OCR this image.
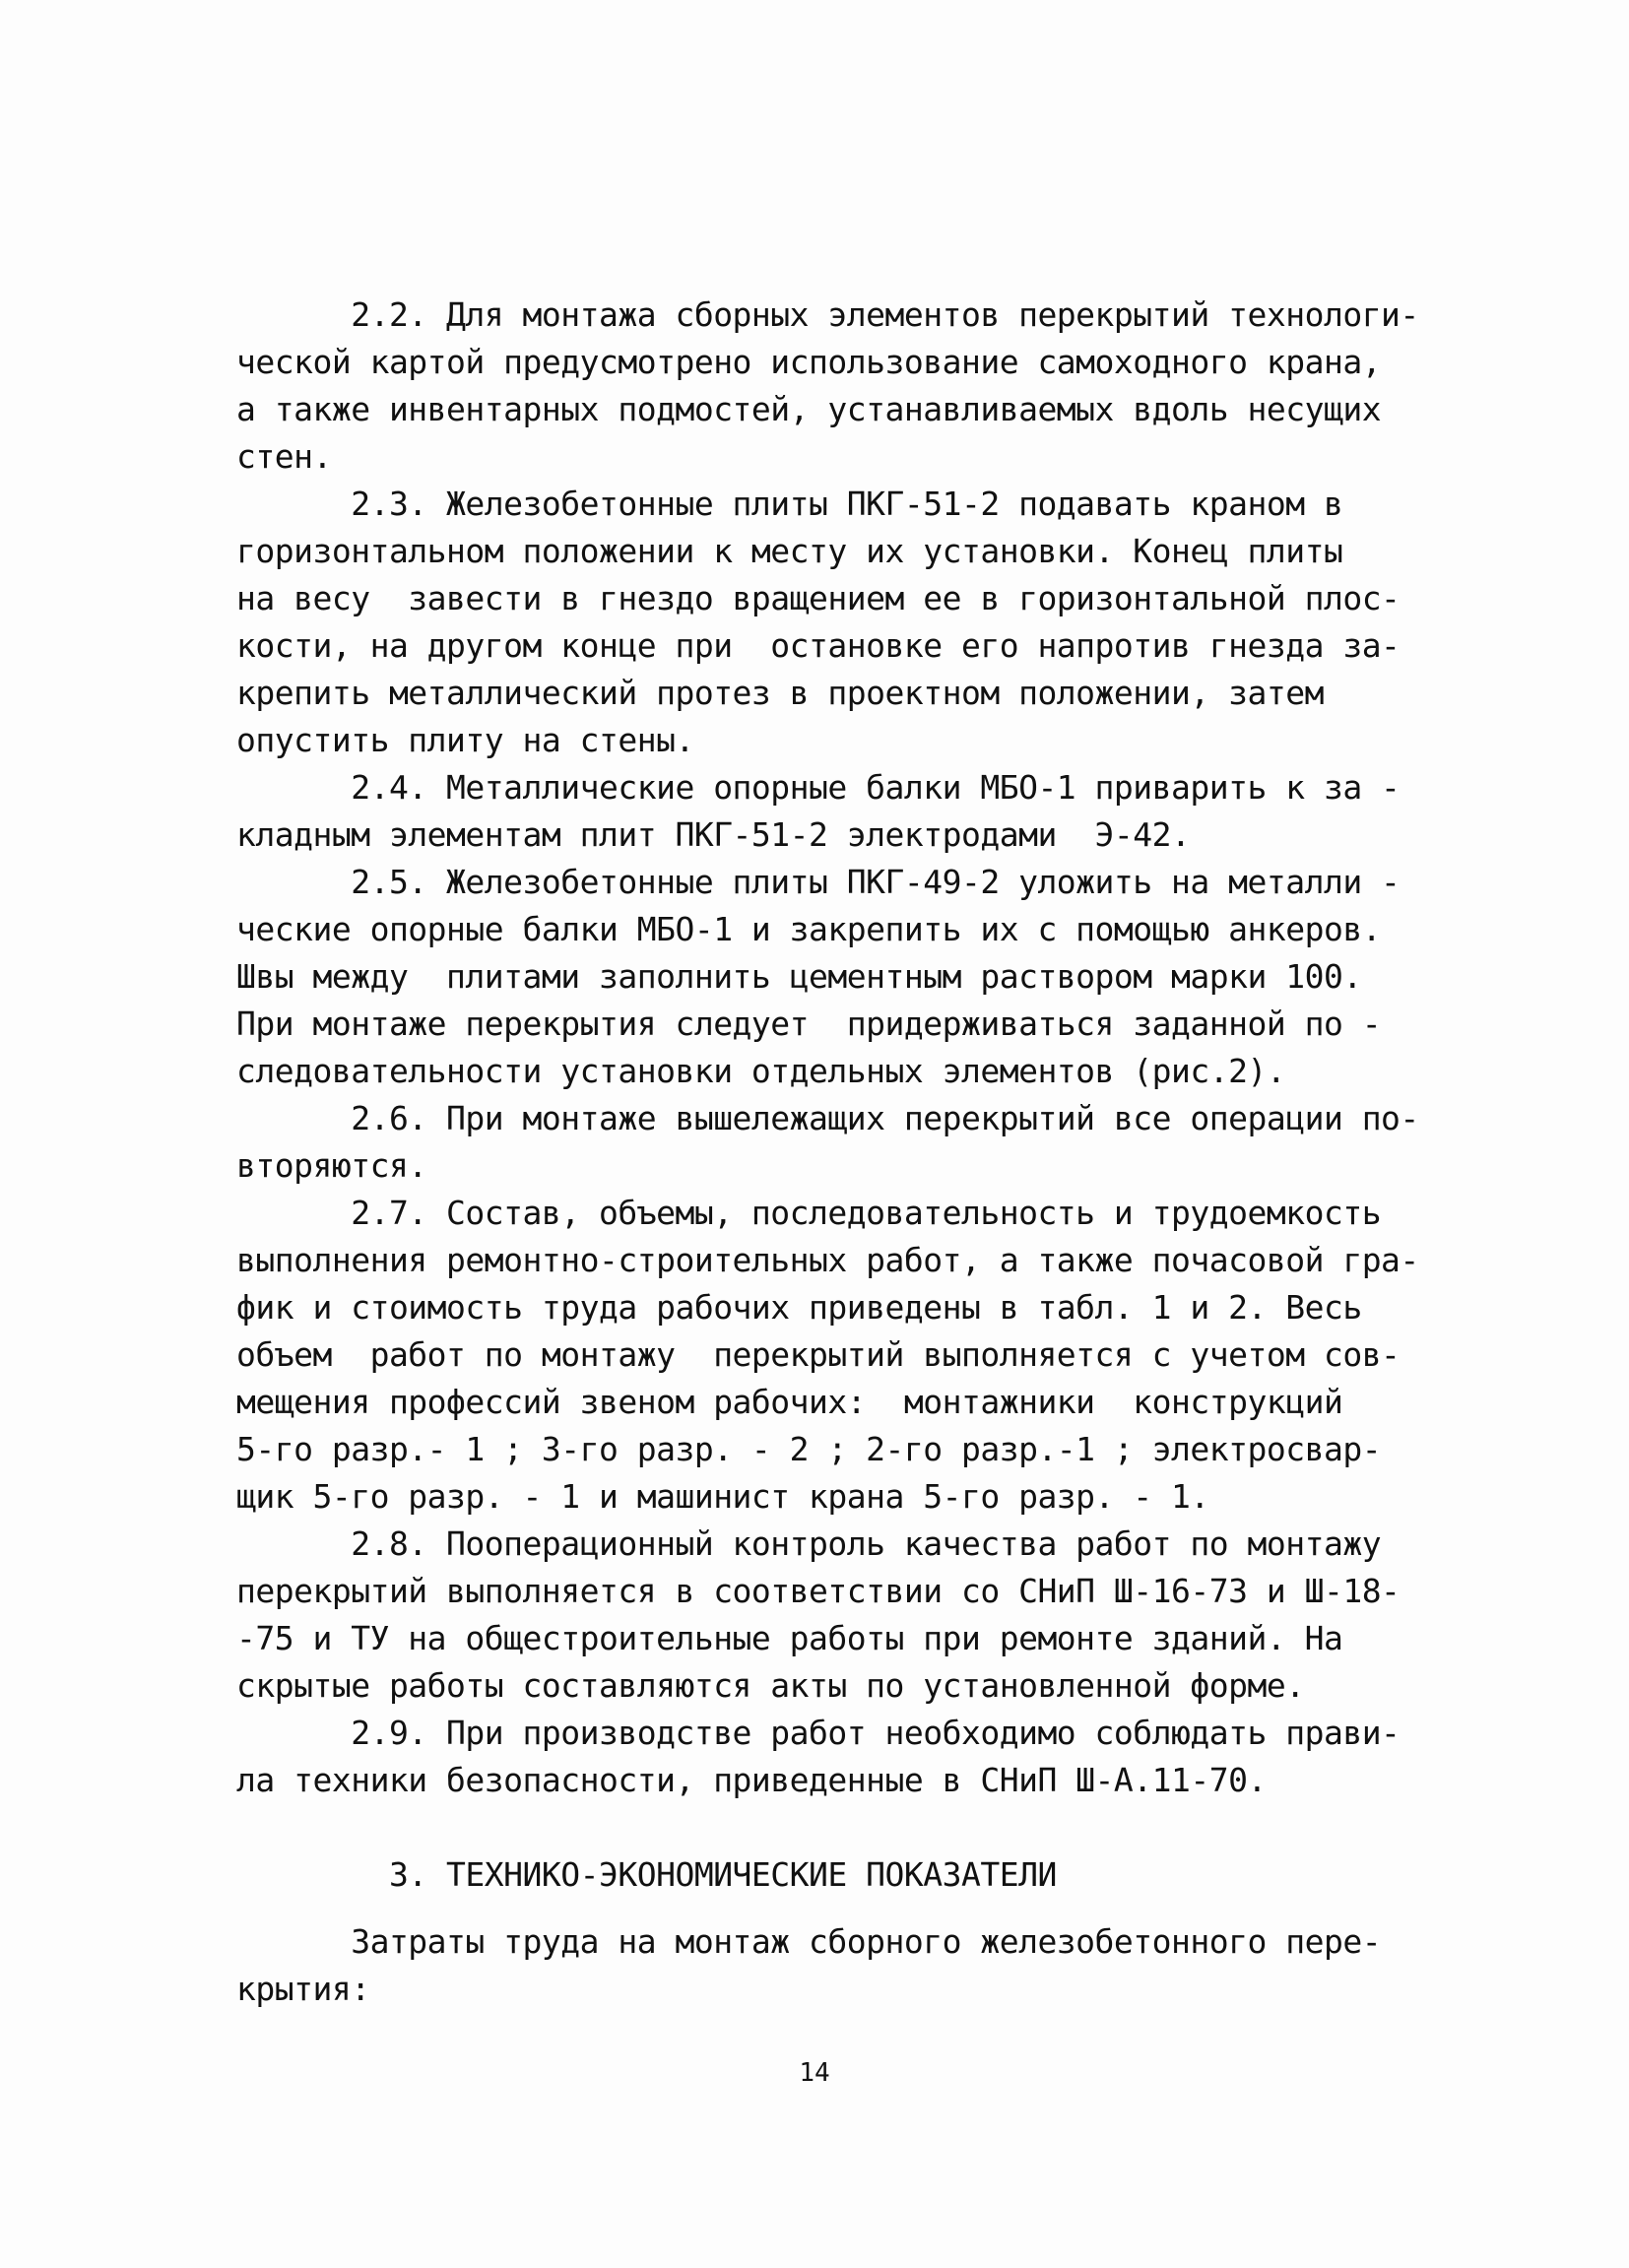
2.2. Для монтажа сборных элементов перекрытий технологи-
ческой картой предусмотрено использование самоходного крана,
а также инвентарных подмостей, устанавливаемых вдоль несущих
стен.
2.3. Железобетонные плиты ПКГ-51-2 подавать краном в
горизонтальном положении к месту их установки. Конец плиты
на весу  завести в гнездо вращением ее в горизонтальной плос-
кости, на другом конце при  остановке его напротив гнезда за-
крепить металлический протез в проектном положении, затем
опустить плиту на стены.
2.4. Металлические опорные балки МБО-1 приварить к за -
кладным элементам плит ПКГ-51-2 электродами  Э-42.
2.5. Железобетонные плиты ПКГ-49-2 уложить на металли -
ческие опорные балки МБО-1 и закрепить их с помощью анкеров.
Швы между  плитами заполнить цементным раствором марки 100.
При монтаже перекрытия следует  придерживаться заданной по -
следовательности установки отдельных элементов (рис.2).
2.6. При монтаже вышележащих перекрытий все операции по-
вторяются.
2.7. Состав, объемы, последовательность и трудоемкость
выполнения ремонтно-строительных работ, а также почасовой гра-
фик и стоимость труда рабочих приведены в табл. 1 и 2. Весь
объем  работ по монтажу  перекрытий выполняется с учетом сов-
мещения профессий звеном рабочих:  монтажники  конструкций
5-го разр.- 1 ; 3-го разр. - 2 ; 2-го разр.-1 ; электросвар-
щик 5-го разр. - 1 и машинист крана 5-го разр. - 1.
2.8. Пооперационный контроль качества работ по монтажу
перекрытий выполняется в соответствии со СНиП Ш-16-73 и Ш-18-
-75 и ТУ на общестроительные работы при ремонте зданий. На
скрытые работы составляются акты по установленной форме.
2.9. При производстве работ необходимо соблюдать прави-
ла техники безопасности, приведенные в СНиП Ш-А.11-70.
3. ТЕХНИКО-ЭКОНОМИЧЕСКИЕ ПОКАЗАТЕЛИ
Затраты труда на монтаж сборного железобетонного пере-
крытия:
14
